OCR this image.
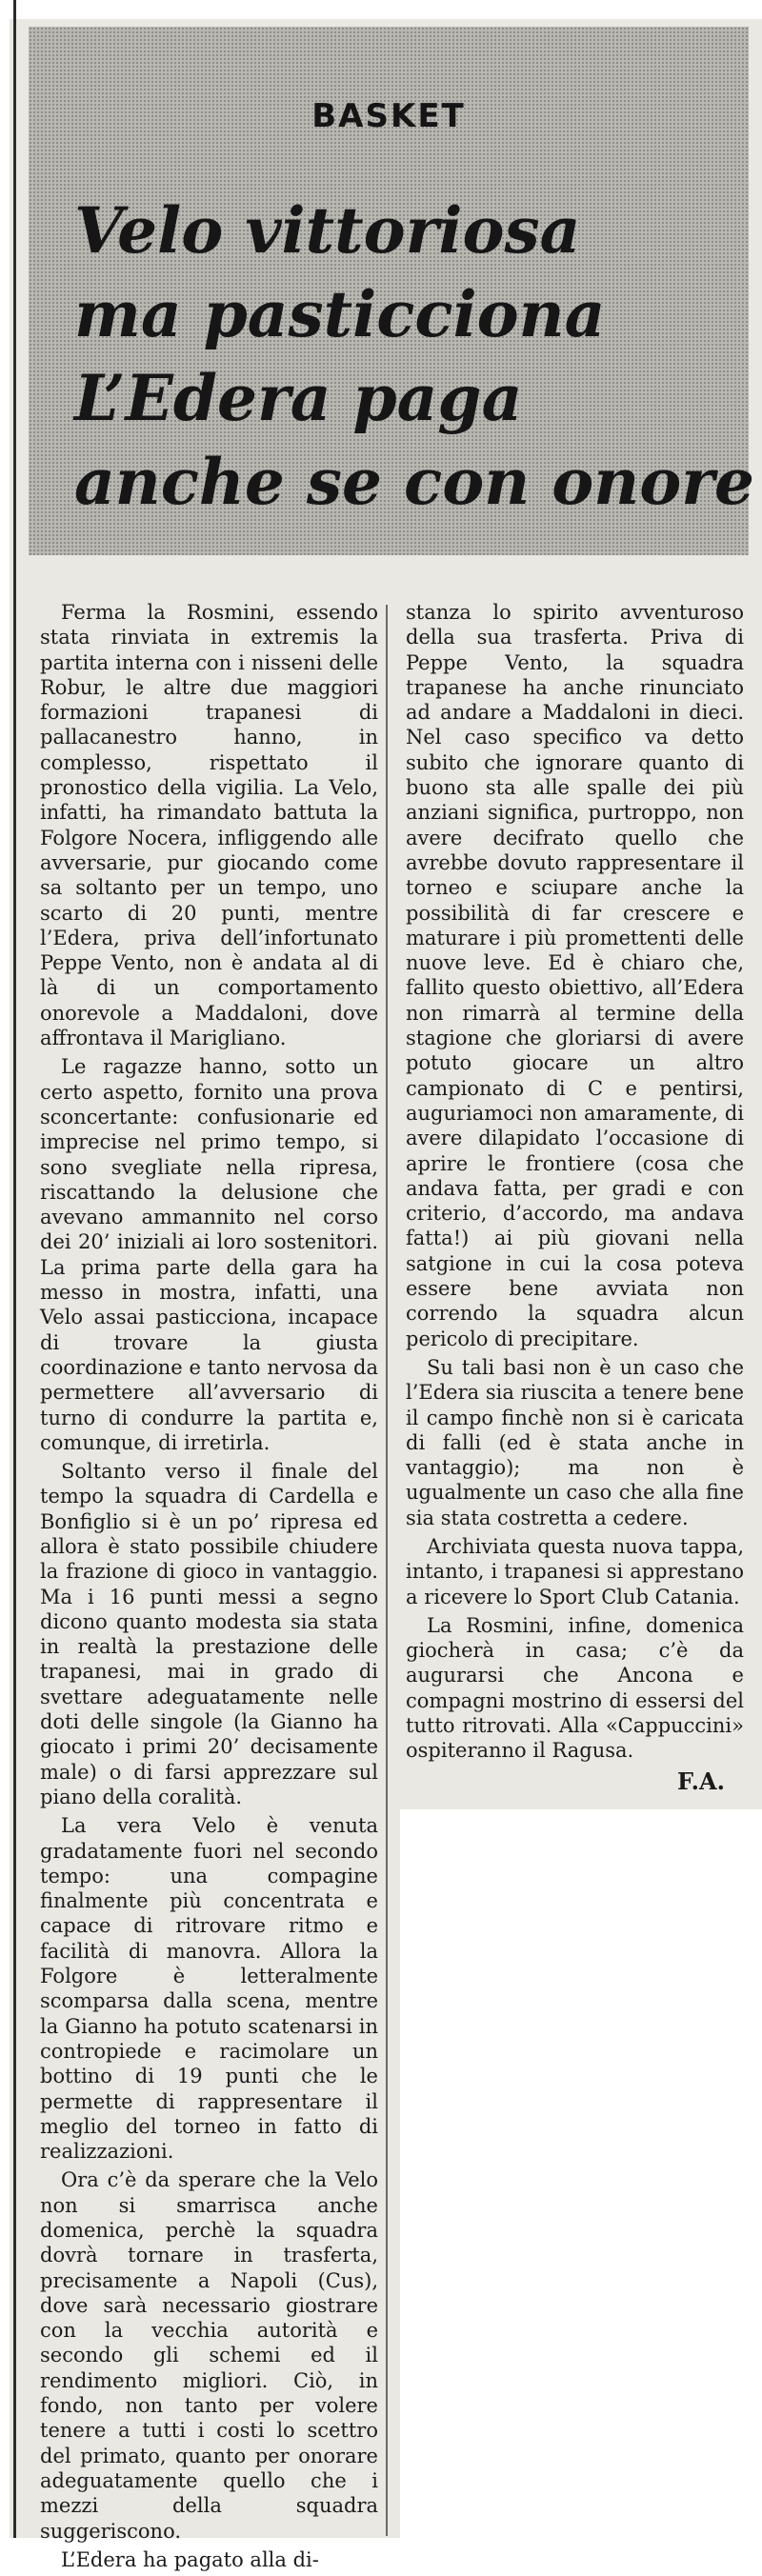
BASKET
Velo vittoriosa
ma pasticciona
L’Edera paga
anche se con onore

Ferma la Rosmini, essendo stata rinviata in extremis la partita interna con i nisseni delle Robur, le altre due maggiori formazioni trapanesi di pallacanestro hanno, in complesso, rispettato il pronostico della vigilia. La Velo, infatti, ha rimandato battuta la Folgore Nocera, infliggendo alle avversarie, pur giocando come sa soltanto per un tempo, uno scarto di 20 punti, mentre l’Edera, priva dell’infortunato Peppe Vento, non è andata al di là di un comportamento onorevole a Maddaloni, dove affrontava il Marigliano.

Le ragazze hanno, sotto un certo aspetto, fornito una prova sconcertante: confusionarie ed imprecise nel primo tempo, si sono svegliate nella ripresa, riscattando la delusione che avevano ammannito nel corso dei 20’ iniziali ai loro sostenitori. La prima parte della gara ha messo in mostra, infatti, una Velo assai pasticciona, incapace di trovare la giusta coordinazione e tanto nervosa da permettere all’avversario di turno di condurre la partita e, comunque, di irretirla.

Soltanto verso il finale del tempo la squadra di Cardella e Bonfiglio si è un po’ ripresa ed allora è stato possibile chiudere la frazione di gioco in vantaggio. Ma i 16 punti messi a segno dicono quanto modesta sia stata in realtà la prestazione delle trapanesi, mai in grado di svettare adeguatamente nelle doti delle singole (la Gianno ha giocato i primi 20’ decisamente male) o di farsi apprezzare sul piano della coralità.

La vera Velo è venuta gradatamente fuori nel secondo tempo: una compagine finalmente più concentrata e capace di ritrovare ritmo e facilità di manovra. Allora la Folgore è letteralmente scomparsa dalla scena, mentre la Gianno ha potuto scatenarsi in contropiede e racimolare un bottino di 19 punti che le permette di rappresentare il meglio del torneo in fatto di realizzazioni.

Ora c’è da sperare che la Velo non si smarrisca anche domenica, perchè la squadra dovrà tornare in trasferta, precisamente a Napoli (Cus), dove sarà necessario giostrare con la vecchia autorità e secondo gli schemi ed il rendimento migliori. Ciò, in fondo, non tanto per volere tenere a tutti i costi lo scettro del primato, quanto per onorare adeguatamente quello che i mezzi della squadra suggeriscono.

L’Edera ha pagato alla di-

stanza lo spirito avventuroso della sua trasferta. Priva di Peppe Vento, la squadra trapanese ha anche rinunciato ad andare a Maddaloni in dieci. Nel caso specifico va detto subito che ignorare quanto di buono sta alle spalle dei più anziani significa, purtroppo, non avere decifrato quello che avrebbe dovuto rappresentare il torneo e sciupare anche la possibilità di far crescere e maturare i più promettenti delle nuove leve. Ed è chiaro che, fallito questo obiettivo, all’Edera non rimarrà al termine della stagione che gloriarsi di avere potuto giocare un altro campionato di C e pentirsi, auguriamoci non amaramente, di avere dilapidato l’occasione di aprire le frontiere (cosa che andava fatta, per gradi e con criterio, d’accordo, ma andava fatta!) ai più giovani nella satgione in cui la cosa poteva essere bene avviata non correndo la squadra alcun pericolo di precipitare.

Su tali basi non è un caso che l’Edera sia riuscita a tenere bene il campo finchè non si è caricata di falli (ed è stata anche in vantaggio); ma non è ugualmente un caso che alla fine sia stata costretta a cedere.

Archiviata questa nuova tappa, intanto, i trapanesi si apprestano a ricevere lo Sport Club Catania.

La Rosmini, infine, domenica giocherà in casa; c’è da augurarsi che Ancona e compagni mostrino di essersi del tutto ritrovati. Alla «Cappuccini» ospiteranno il Ragusa.

F.A.
